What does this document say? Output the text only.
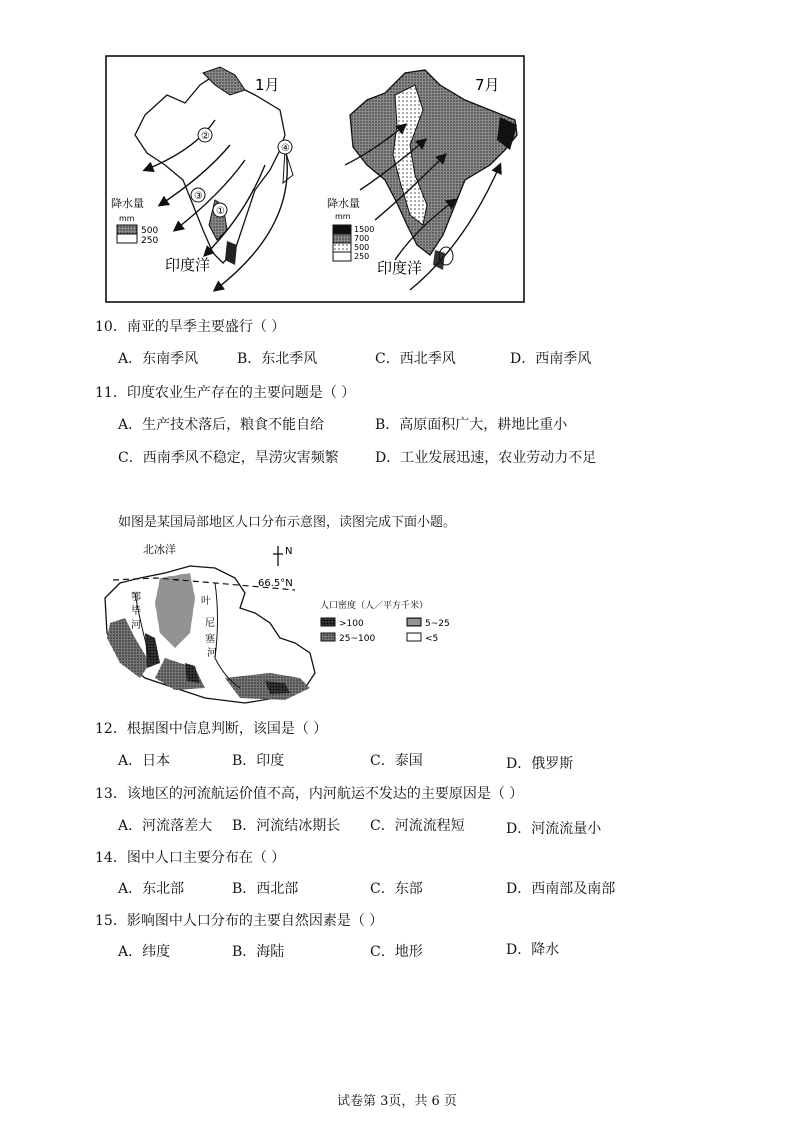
1月
②
③
①
④
降水量
mm
500
250
印度洋
7月
降水量
mm
1500
700
500
250
印度洋
10．南亚的旱季主要盛行（ ）
A．东南季风	B．东北季风	C．西北季风	D．西南季风
11．印度农业生产存在的主要问题是（ ）
A．生产技术落后，粮食不能自给	B．高原面积广大，耕地比重小
C．西南季风不稳定，旱涝灾害频繁	D．工业发展迅速，农业劳动力不足
如图是某国局部地区人口分布示意图，读图完成下面小题。
北冰洋
鄂
毕
河
叶
尼
塞
河
N
66.5°N
人口密度（人／平方千米）
>100	5~25
25~100	<5
12．根据图中信息判断，该国是（ ）
A．日本	B．印度	C．泰国	D．俄罗斯
13．该地区的河流航运价值不高，内河航运不发达的主要原因是（ ）
A．河流落差大 B．河流结冰期长 C．河流流程短	D．河流流量小
14．图中人口主要分布在（ ）
A．东北部	B．西北部	C．东部	D．西南部及南部
15．影响图中人口分布的主要自然因素是（ ）
A．纬度	B．海陆	C．地形	D．降水
试卷第 3页，共 6 页
